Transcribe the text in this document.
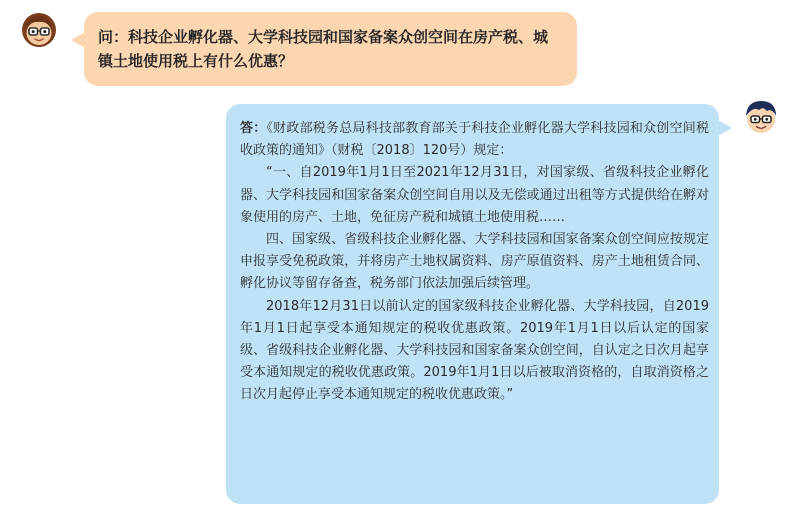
问：科技企业孵化器、大学科技园和国家备案众创空间在房产税、城镇土地使用税上有什么优惠？

答：《财政部税务总局科技部教育部关于科技企业孵化器大学科技园和众创空间税收政策的通知》（财税〔2018〕120号）规定：

“一、自2019年1月1日至2021年12月31日，对国家级、省级科技企业孵化器、大学科技园和国家备案众创空间自用以及无偿或通过出租等方式提供给在孵对象使用的房产、土地，免征房产税和城镇土地使用税……

四、国家级、省级科技企业孵化器、大学科技园和国家备案众创空间应按规定申报享受免税政策，并将房产土地权属资料、房产原值资料、房产土地租赁合同、孵化协议等留存备查，税务部门依法加强后续管理。

2018年12月31日以前认定的国家级科技企业孵化器、大学科技园，自2019年1月1日起享受本通知规定的税收优惠政策。2019年1月1日以后认定的国家级、省级科技企业孵化器、大学科技园和国家备案众创空间，自认定之日次月起享受本通知规定的税收优惠政策。2019年1月1日以后被取消资格的，自取消资格之日次月起停止享受本通知规定的税收优惠政策。”
